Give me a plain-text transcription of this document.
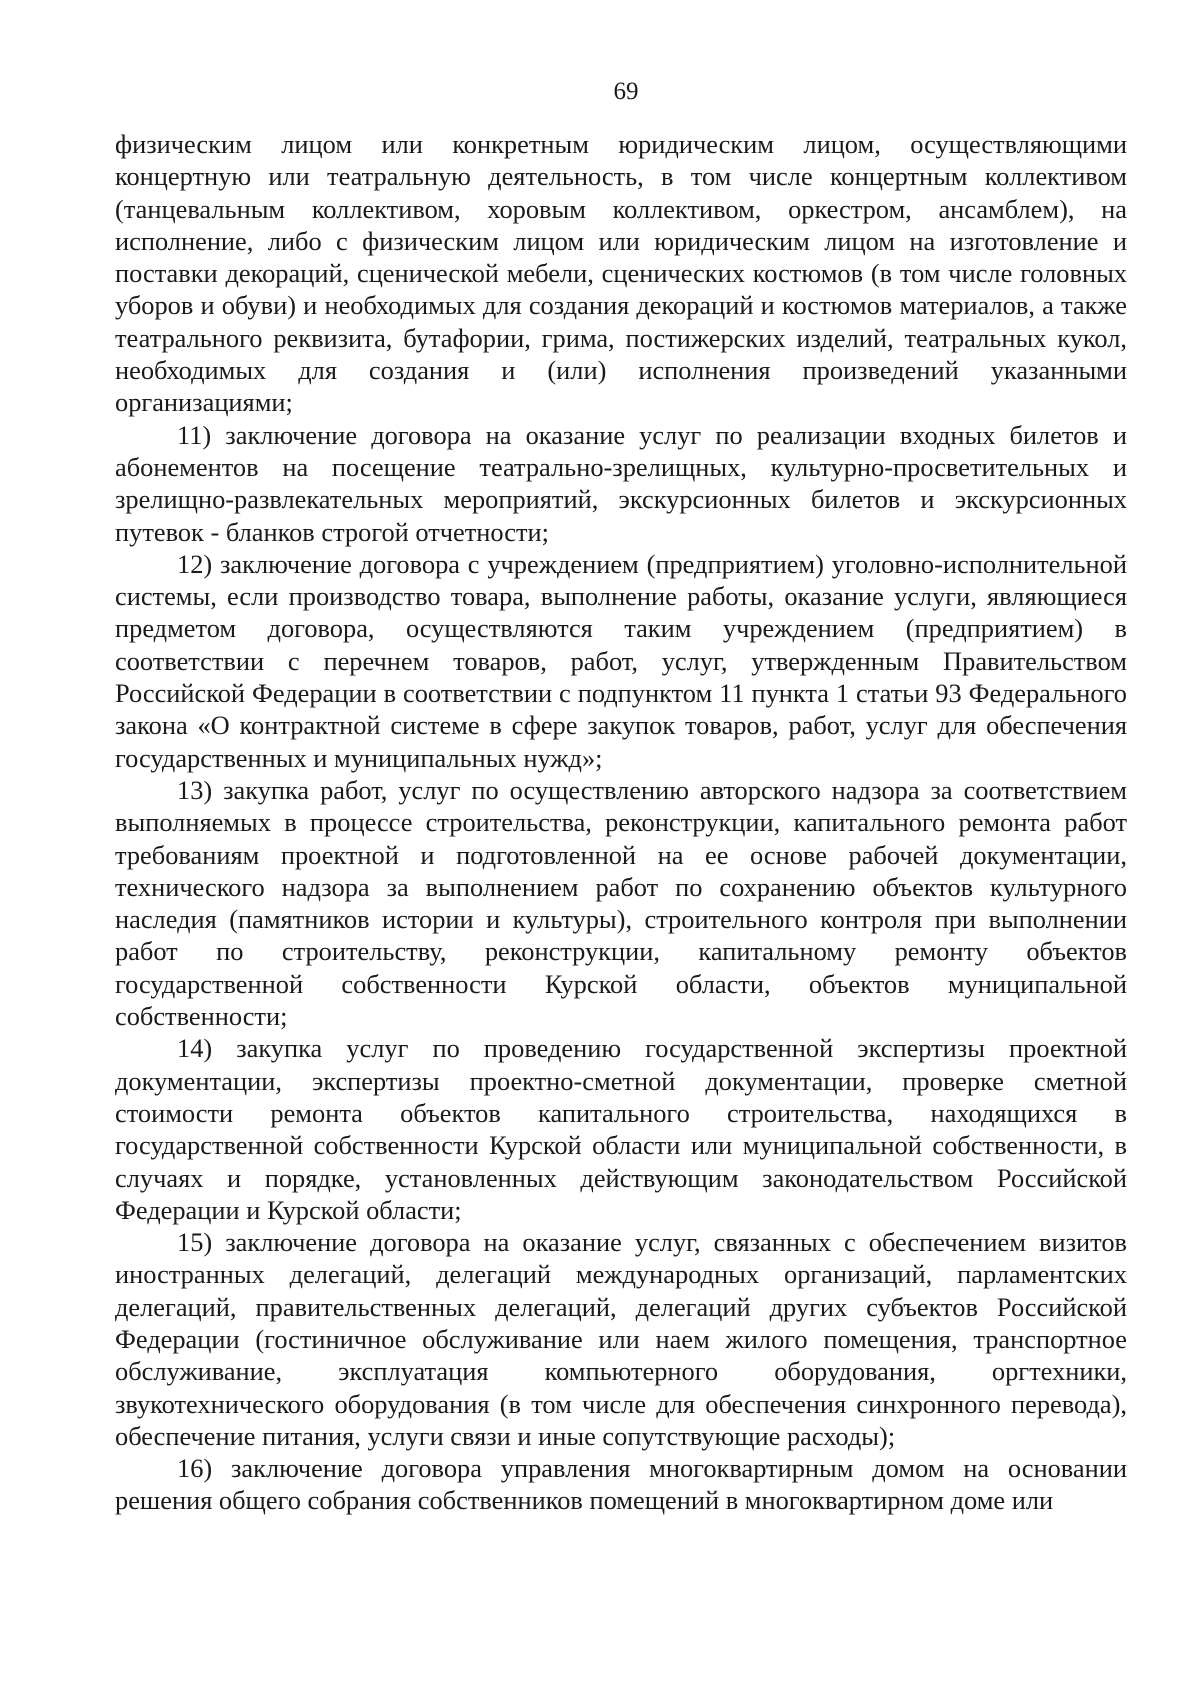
69

физическим лицом или конкретным юридическим лицом, осуществляющими концертную или театральную деятельность, в том числе концертным коллективом (танцевальным коллективом, хоровым коллективом, оркестром, ансамблем), на исполнение, либо с физическим лицом или юридическим лицом на изготовление и поставки декораций, сценической мебели, сценических костюмов (в том числе головных уборов и обуви) и необходимых для создания декораций и костюмов материалов, а также театрального реквизита, бутафории, грима, постижерских изделий, театральных кукол, необходимых для создания и (или) исполнения произведений указанными организациями;

11) заключение договора на оказание услуг по реализации входных билетов и абонементов на посещение театрально-зрелищных, культурно-просветительных и зрелищно-развлекательных мероприятий, экскурсионных билетов и экскурсионных путевок - бланков строгой отчетности;

12) заключение договора с учреждением (предприятием) уголовно-исполнительной системы, если производство товара, выполнение работы, оказание услуги, являющиеся предметом договора, осуществляются таким учреждением (предприятием) в соответствии с перечнем товаров, работ, услуг, утвержденным Правительством Российской Федерации в соответствии с подпунктом 11 пункта 1 статьи 93 Федерального закона «О контрактной системе в сфере закупок товаров, работ, услуг для обеспечения государственных и муниципальных нужд»;

13) закупка работ, услуг по осуществлению авторского надзора за соответствием выполняемых в процессе строительства, реконструкции, капитального ремонта работ требованиям проектной и подготовленной на ее основе рабочей документации, технического надзора за выполнением работ по сохранению объектов культурного наследия (памятников истории и культуры), строительного контроля при выполнении работ по строительству, реконструкции, капитальному ремонту объектов государственной собственности Курской области, объектов муниципальной собственности;

14) закупка услуг по проведению государственной экспертизы проектной документации, экспертизы проектно-сметной документации, проверке сметной стоимости ремонта объектов капитального строительства, находящихся в государственной собственности Курской области или муниципальной собственности, в случаях и порядке, установленных действующим законодательством Российской Федерации и Курской области;

15) заключение договора на оказание услуг, связанных с обеспечением визитов иностранных делегаций, делегаций международных организаций, парламентских делегаций, правительственных делегаций, делегаций других субъектов Российской Федерации (гостиничное обслуживание или наем жилого помещения, транспортное обслуживание, эксплуатация компьютерного оборудования, оргтехники, звукотехнического оборудования (в том числе для обеспечения синхронного перевода), обеспечение питания, услуги связи и иные сопутствующие расходы);

16) заключение договора управления многоквартирным домом на основании решения общего собрания собственников помещений в многоквартирном доме или
